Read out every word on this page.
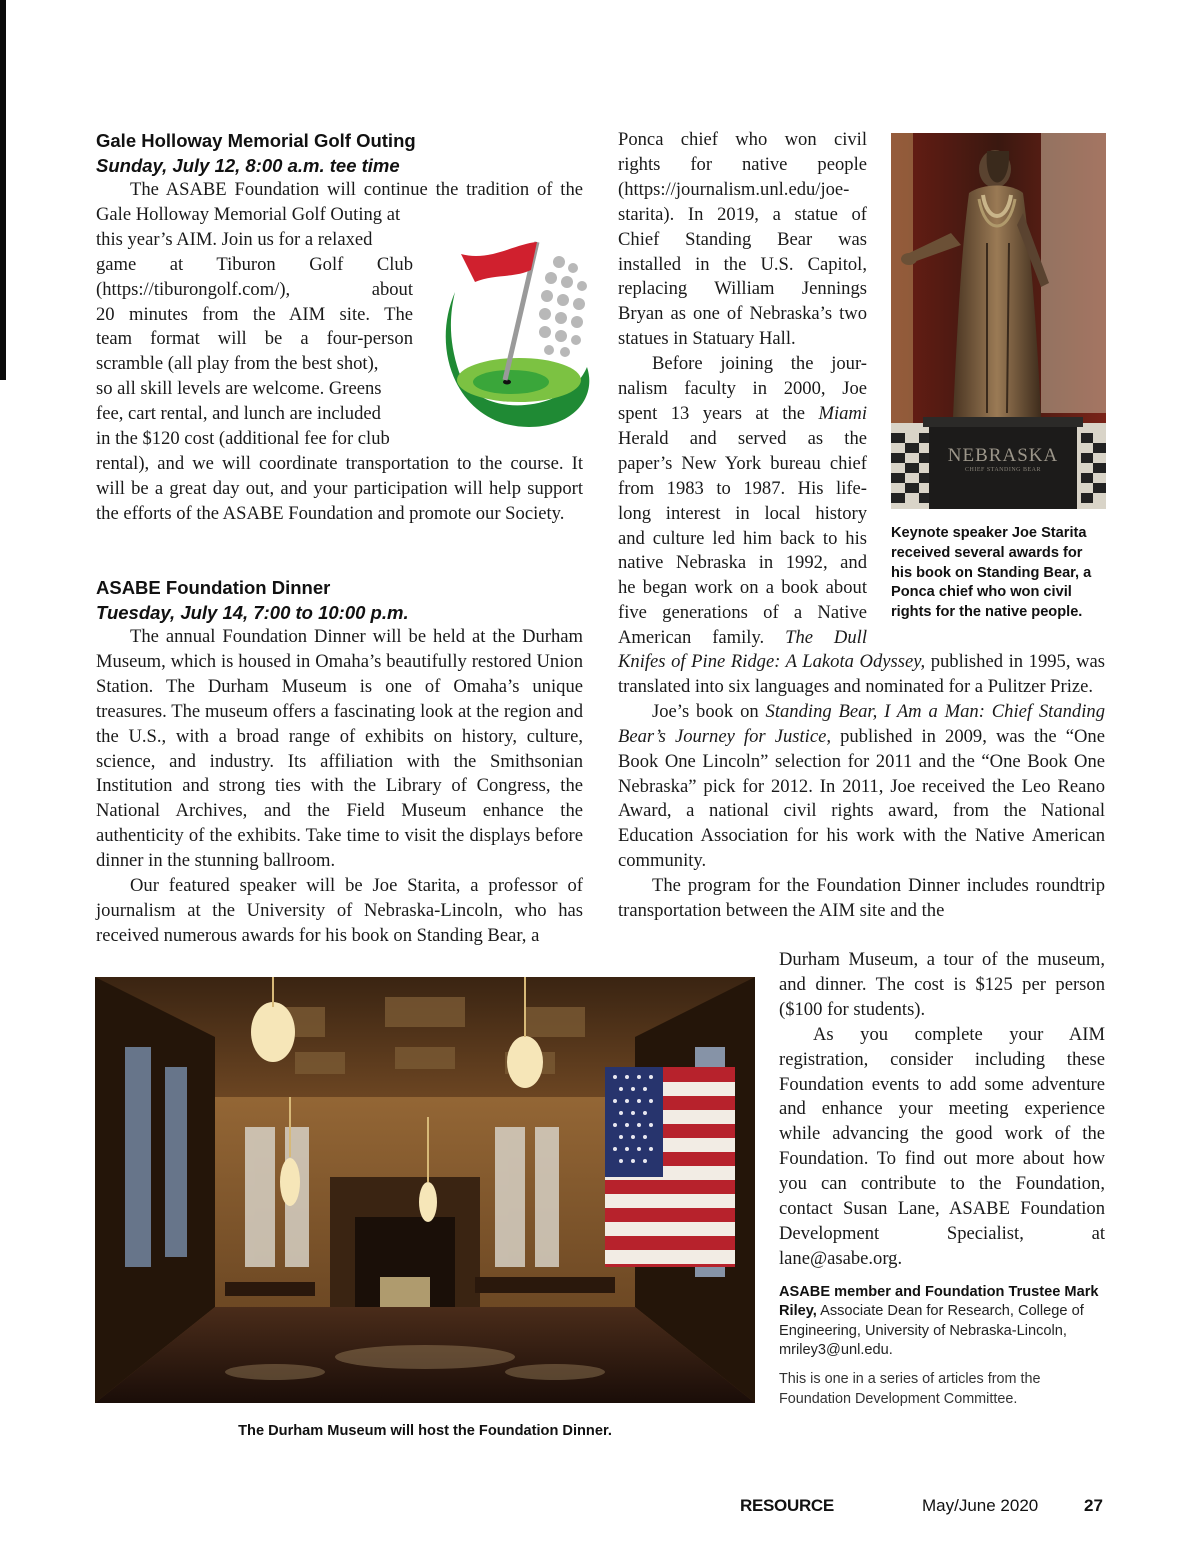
Gale Holloway Memorial Golf Outing
Sunday, July 12, 8:00 a.m. tee time

The ASABE Foundation will continue the tradition of the Gale Holloway Memorial Golf Outing at

this year’s AIM. Join us for a relaxed

game at Tiburon Golf Club

(https://tiburongolf.com/), about

20 minutes from the AIM site. The

team format will be a four-person

scramble (all play from the best shot),

so all skill levels are welcome. Greens

fee, cart rental, and lunch are included

in the $120 cost (additional fee for club

rental), and we will coordinate transportation to the course. It will be a great day out, and your participation will help support the efforts of the ASABE Foundation and promote our Society.

ASABE Foundation Dinner
Tuesday, July 14, 7:00 to 10:00 p.m.

The annual Foundation Dinner will be held at the Durham Museum, which is housed in Omaha’s beautifully restored Union Station. The Durham Museum is one of Omaha’s unique treasures. The museum offers a fascinating look at the region and the U.S., with a broad range of exhibits on history, culture, science, and industry. Its affiliation with the Smithsonian Institution and strong ties with the Library of Congress, the National Archives, and the Field Museum enhance the authenticity of the exhibits. Take time to visit the displays before dinner in the stunning ballroom.

Our featured speaker will be Joe Starita, a professor of journalism at the University of Nebraska-Lincoln, who has received numerous awards for his book on Standing Bear, a

Ponca chief who won civil

rights for native people

(https://journalism.unl.edu/joe-

starita). In 2019, a statue of

Chief Standing Bear was

installed in the U.S. Capitol,

replacing William Jennings

Bryan as one of Nebraska’s two

statues in Statuary Hall.

Before joining the jour-

nalism faculty in 2000, Joe

spent 13 years at the Miami

Herald and served as the

paper’s New York bureau chief

from 1983 to 1987. His life-

long interest in local history

and culture led him back to his

native Nebraska in 1992, and

he began work on a book about

five generations of a Native

American family. The Dull

NEBRASKA
CHIEF STANDING BEAR
Keynote speaker Joe Starita received several awards for his book on Standing Bear, a Ponca chief who won civil rights for the native people.

Knifes of Pine Ridge: A Lakota Odyssey, published in 1995, was translated into six languages and nominated for a Pulitzer Prize.

Joe’s book on Standing Bear, I Am a Man: Chief Standing Bear’s Journey for Justice, published in 2009, was the “One Book One Lincoln” selection for 2011 and the “One Book One Nebraska” pick for 2012. In 2011, Joe received the Leo Reano Award, a national civil rights award, from the National Education Association for his work with the Native American community.

The program for the Foundation Dinner includes roundtrip transportation between the AIM site and the

Durham Museum, a tour of the museum, and dinner. The cost is $125 per person ($100 for students).

As you complete your AIM registration, consider including these Foundation events to add some adventure and enhance your meeting experience while advancing the good work of the Foundation. To find out more about how you can contribute to the Foundation, contact Susan Lane, ASABE Foundation Development Specialist, at lane@asabe.org.

ASABE member and Foundation Trustee Mark Riley, Associate Dean for Research, College of Engineering, University of Nebraska-Lincoln, mriley3@unl.edu.
This is one in a series of articles from the Foundation Development Committee.
The Durham Museum will host the Foundation Dinner.
RESOURCE	May/June 2020	27
